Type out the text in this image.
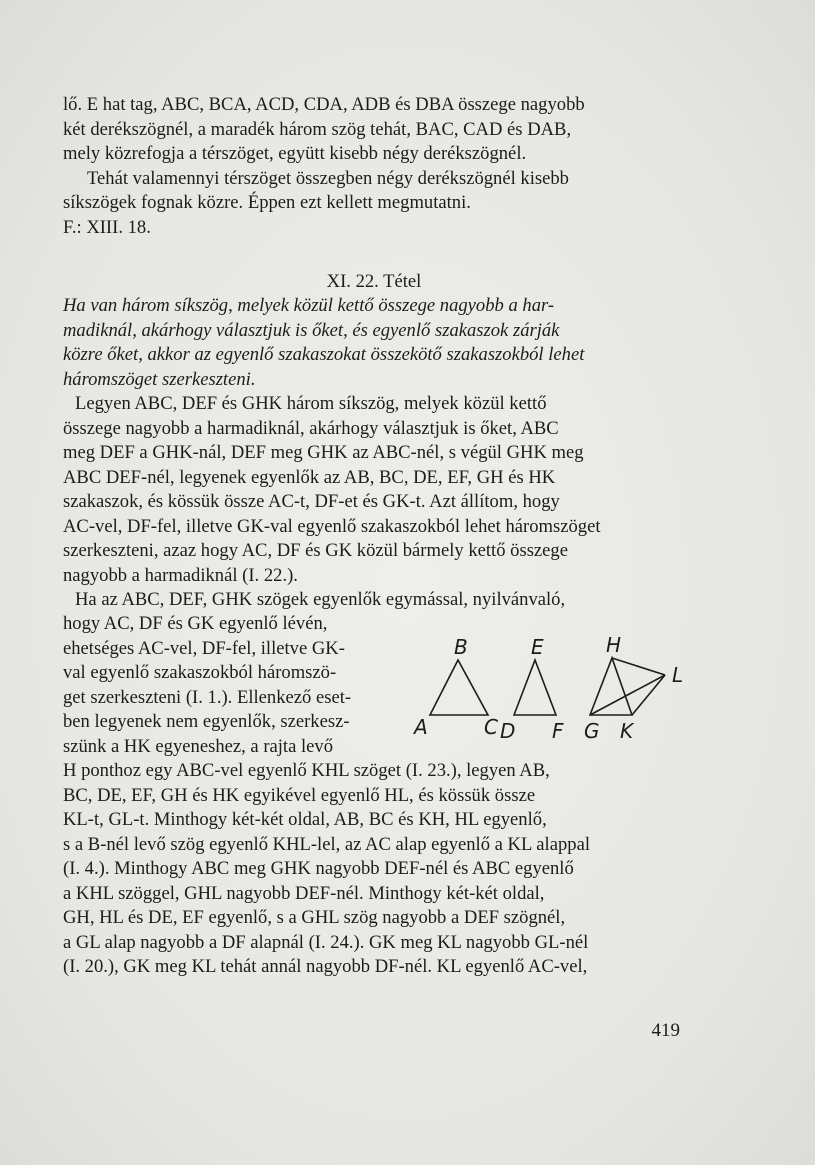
lő. E hat tag, ABC, BCA, ACD, CDA, ADB és DBA összege nagyobb
két derékszögnél, a maradék három szög tehát, BAC, CAD és DAB,
mely közrefogja a térszöget, együtt kisebb négy derékszögnél.
Tehát valamennyi térszöget összegben négy derékszögnél kisebb
síkszögek fognak közre. Éppen ezt kellett megmutatni.
F.: XIII. 18.
XI. 22. Tétel
Ha van három síkszög, melyek közül kettő összege nagyobb a har-
madiknál, akárhogy választjuk is őket, és egyenlő szakaszok zárják
közre őket, akkor az egyenlő szakaszokat összekötő szakaszokból lehet
háromszöget szerkeszteni.
Legyen ABC, DEF és GHK három síkszög, melyek közül kettő
összege nagyobb a harmadiknál, akárhogy választjuk is őket, ABC
meg DEF a GHK-nál, DEF meg GHK az ABC-nél, s végül GHK meg
ABC DEF-nél, legyenek egyenlők az AB, BC, DE, EF, GH és HK
szakaszok, és kössük össze AC-t, DF-et és GK-t. Azt állítom, hogy
AC-vel, DF-fel, illetve GK-val egyenlő szakaszokból lehet háromszöget
szerkeszteni, azaz hogy AC, DF és GK közül bármely kettő összege
nagyobb a harmadiknál (I. 22.).
Ha az ABC, DEF, GHK szögek egyenlők egymással, nyilvánvaló,
hogy AC, DF és GK egyenlő lévén,
ehetséges AC-vel, DF-fel, illetve GK-
val egyenlő szakaszokból háromszö-
get szerkeszteni (I. 1.). Ellenkező eset-
ben legyenek nem egyenlők, szerkesz-
szünk a HK egyeneshez, a rajta levő
B	E	H
L
A	C D F G K
H ponthoz egy ABC-vel egyenlő KHL szöget (I. 23.), legyen AB,
BC, DE, EF, GH és HK egyikével egyenlő HL, és kössük össze
KL-t, GL-t. Minthogy két-két oldal, AB, BC és KH, HL egyenlő,
s a B-nél levő szög egyenlő KHL-lel, az AC alap egyenlő a KL alappal
(I. 4.). Minthogy ABC meg GHK nagyobb DEF-nél és ABC egyenlő
a KHL szöggel, GHL nagyobb DEF-nél. Minthogy két-két oldal,
GH, HL és DE, EF egyenlő, s a GHL szög nagyobb a DEF szögnél,
a GL alap nagyobb a DF alapnál (I. 24.). GK meg KL nagyobb GL-nél
(I. 20.), GK meg KL tehát annál nagyobb DF-nél. KL egyenlő AC-vel,
419
